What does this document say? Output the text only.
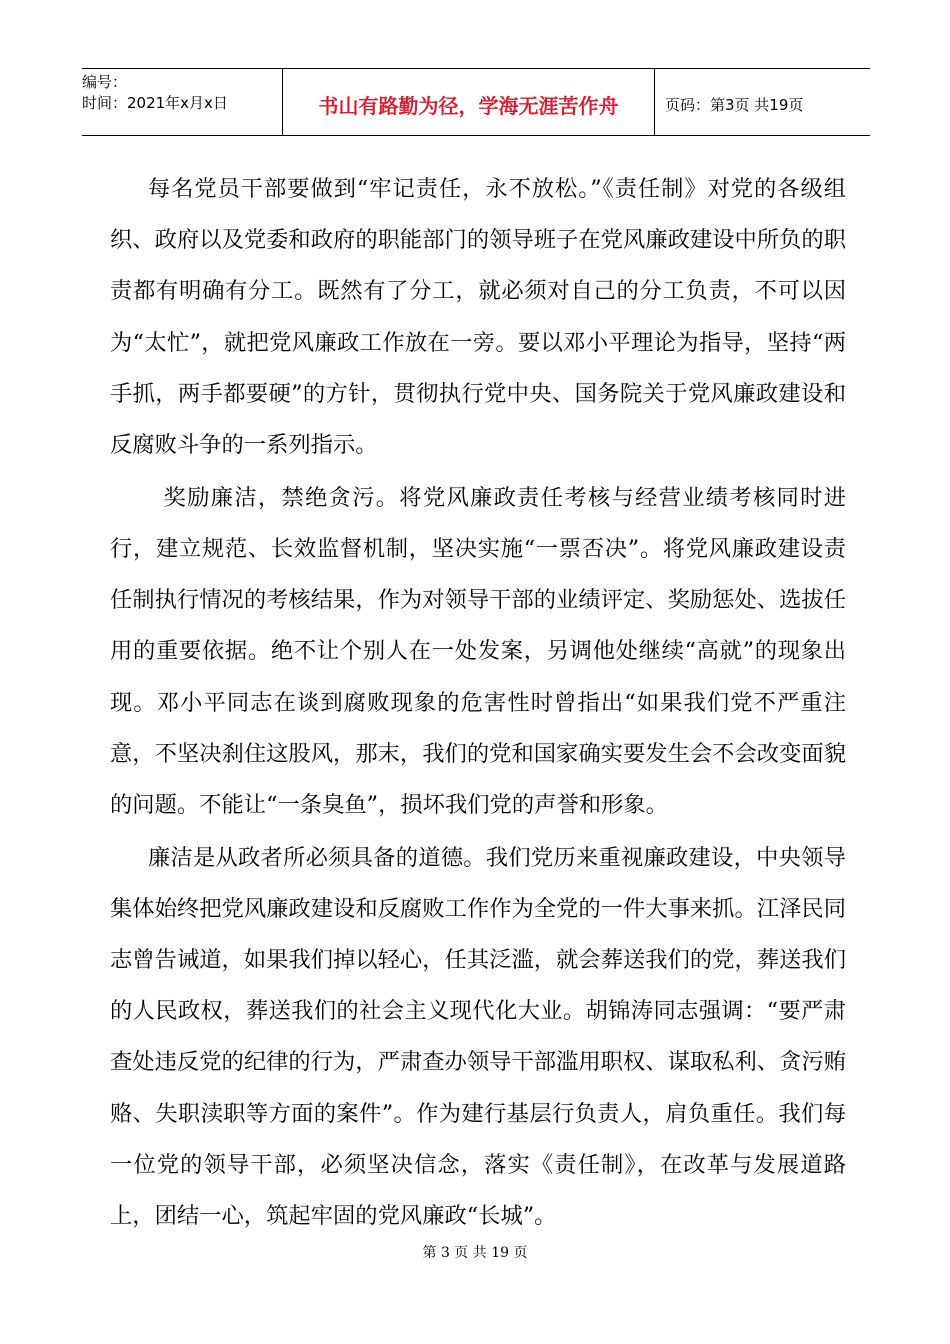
编号：
时间：2021年x月x日	书山有路勤为径，学海无涯苦作舟	页码：第3页 共19页

每名党员干部要做到“牢记责任，永不放松。”《责任制》对党的各级组织、政府以及党委和政府的职能部门的领导班子在党风廉政建设中所负的职责都有明确有分工。既然有了分工，就必须对自己的分工负责，不可以因为“太忙”，就把党风廉政工作放在一旁。要以邓小平理论为指导，坚持“两手抓，两手都要硬”的方针，贯彻执行党中央、国务院关于党风廉政建设和反腐败斗争的一系列指示。

奖励廉洁，禁绝贪污。将党风廉政责任考核与经营业绩考核同时进行，建立规范、长效监督机制，坚决实施“一票否决”。将党风廉政建设责任制执行情况的考核结果，作为对领导干部的业绩评定、奖励惩处、选拔任用的重要依据。绝不让个别人在一处发案，另调他处继续“高就”的现象出现。邓小平同志在谈到腐败现象的危害性时曾指出“如果我们党不严重注意，不坚决刹住这股风，那末，我们的党和国家确实要发生会不会改变面貌的问题。不能让“一条臭鱼”，损坏我们党的声誉和形象。

廉洁是从政者所必须具备的道德。我们党历来重视廉政建设，中央领导集体始终把党风廉政建设和反腐败工作作为全党的一件大事来抓。江泽民同志曾告诫道，如果我们掉以轻心，任其泛滥，就会葬送我们的党，葬送我们的人民政权，葬送我们的社会主义现代化大业。胡锦涛同志强调：“要严肃查处违反党的纪律的行为，严肃查办领导干部滥用职权、谋取私利、贪污贿赂、失职渎职等方面的案件”。作为建行基层行负责人，肩负重任。我们每一位党的领导干部，必须坚决信念，落实《责任制》，在改革与发展道路上，团结一心，筑起牢固的党风廉政“长城”。

第 3 页 共 19 页
